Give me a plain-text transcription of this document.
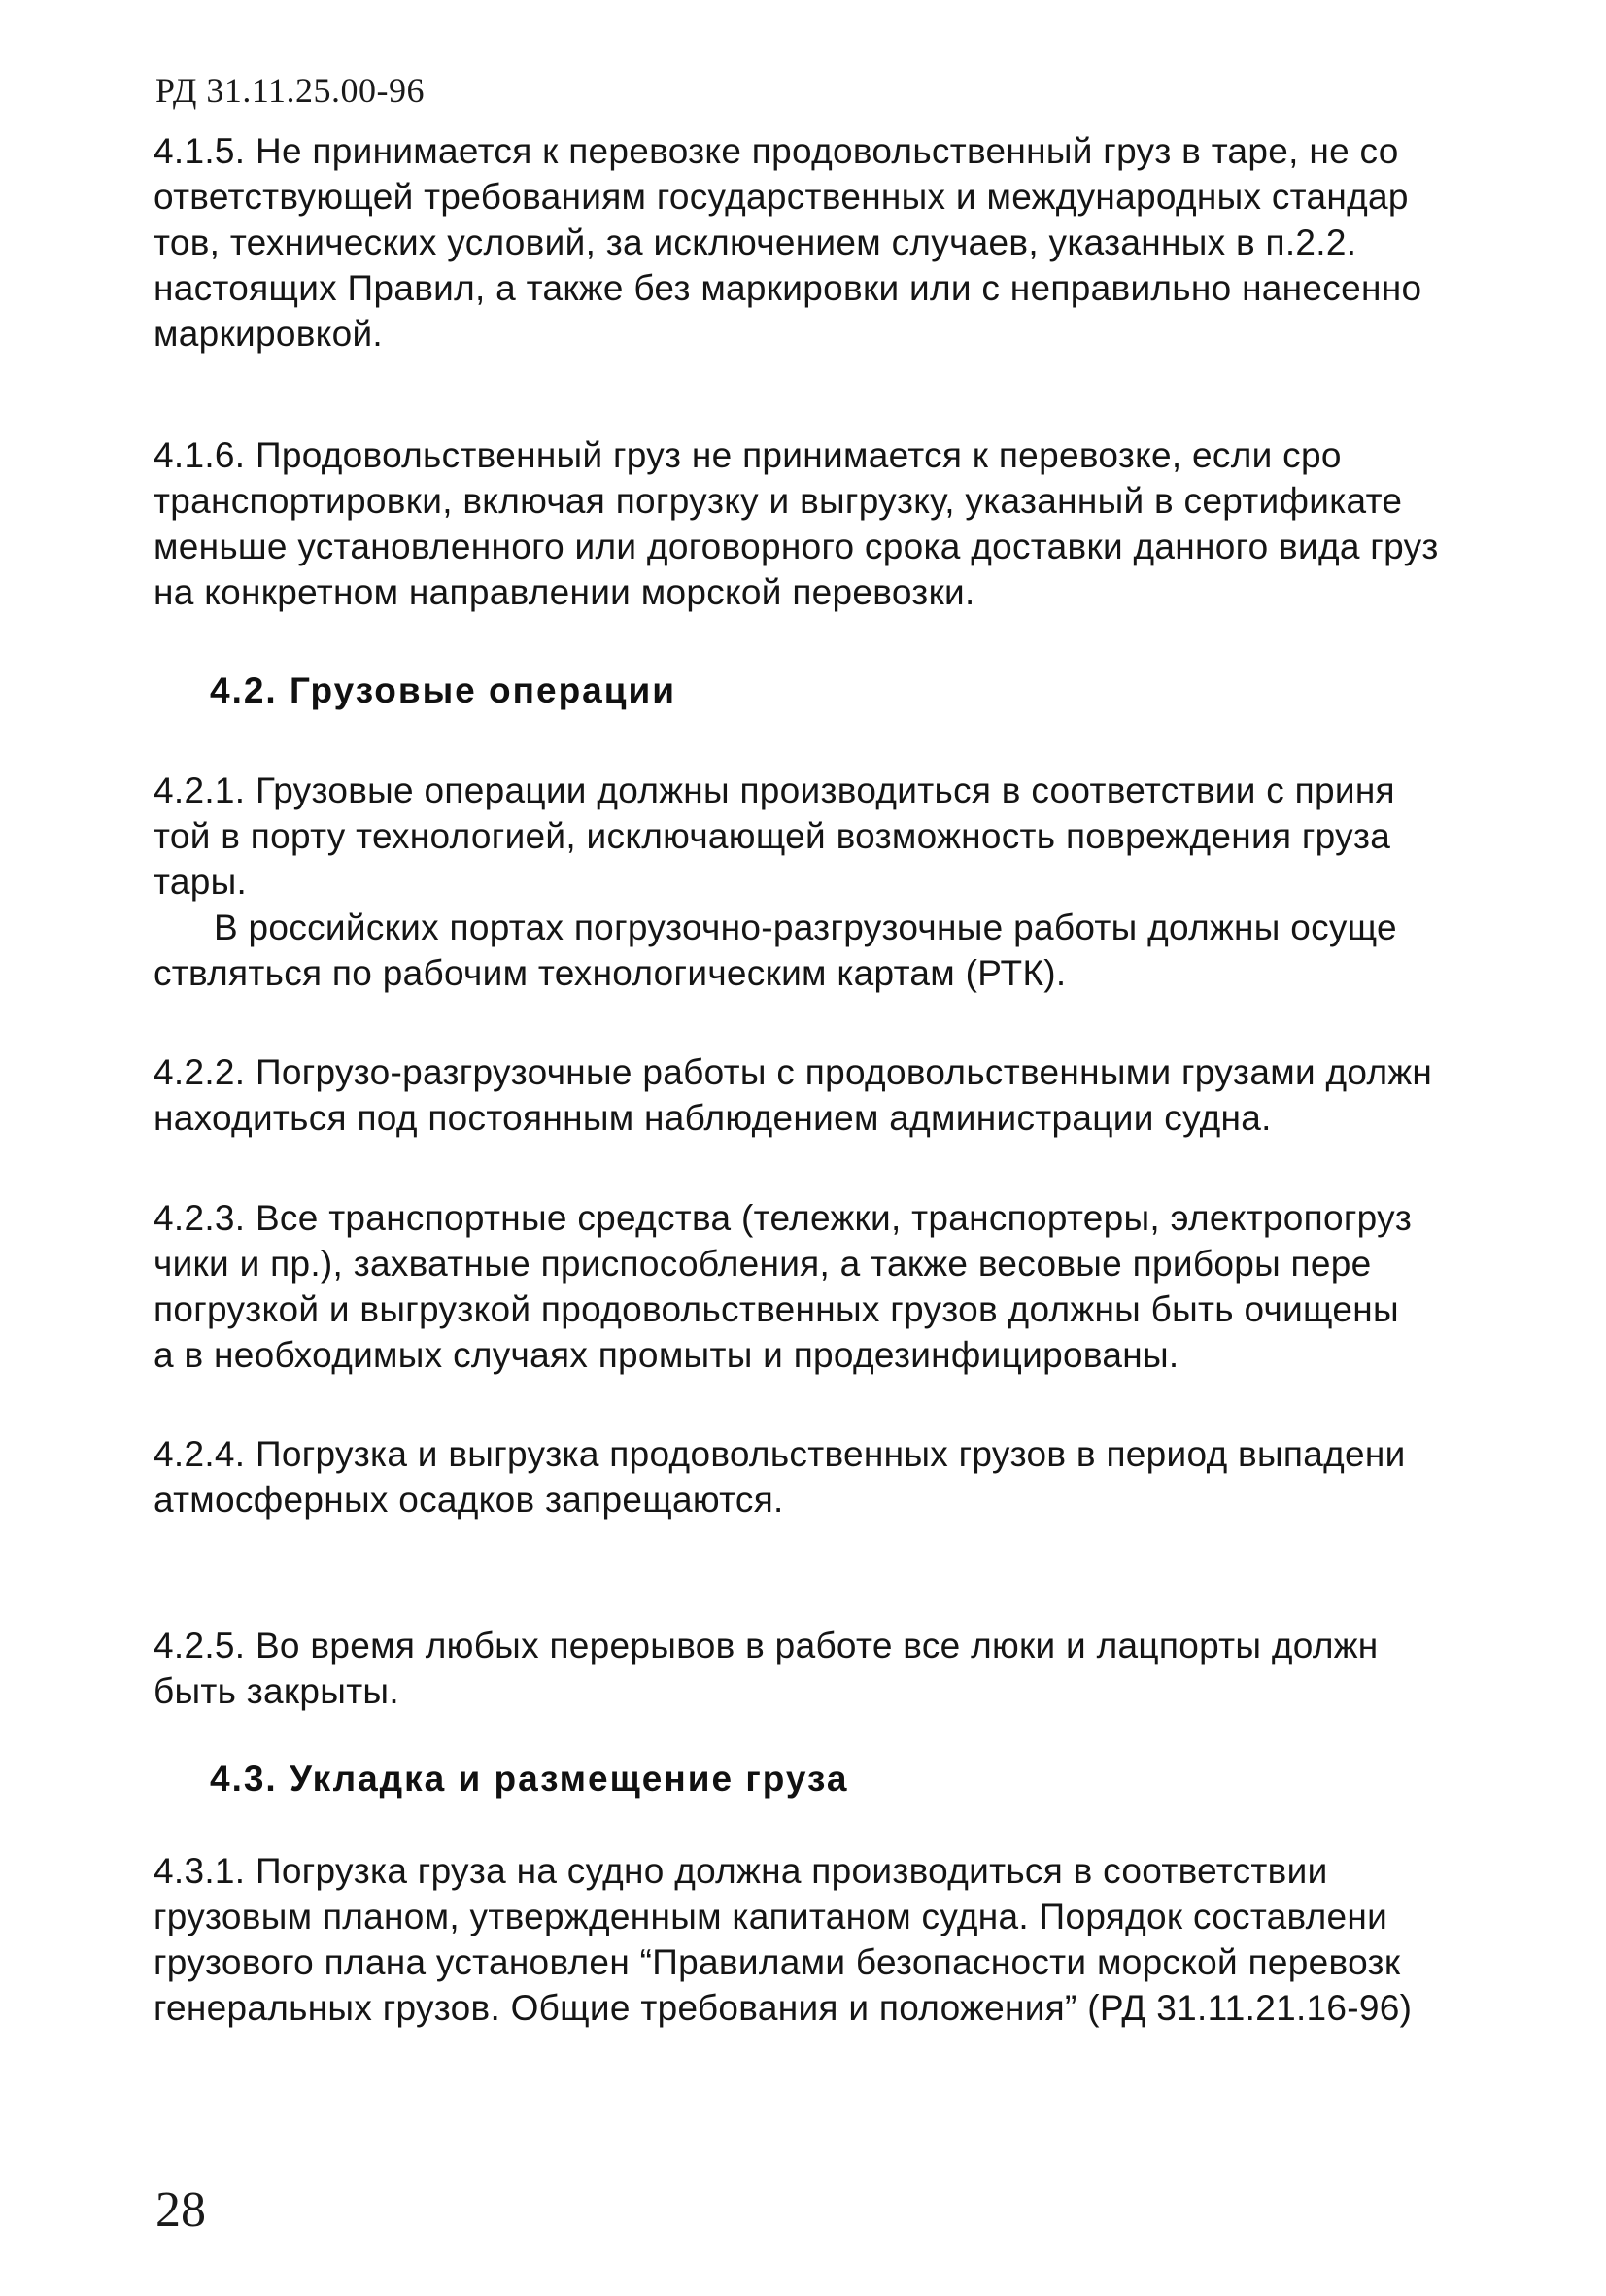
РД 31.11.25.00-96
4.1.5. Не принимается к перевозке продовольственный груз в таре, не со
ответствующей требованиям государственных и международных стандар
тов, технических условий, за исключением случаев, указанных в п.2.2.
настоящих Правил, а также без маркировки или с неправильно нанесенно
маркировкой.
4.1.6. Продовольственный груз не принимается к перевозке, если сро
транспортировки, включая погрузку и выгрузку, указанный в сертификате
меньше установленного или договорного срока доставки данного вида груз
на конкретном направлении морской перевозки.
4.2. Грузовые операции
4.2.1. Грузовые операции должны производиться в соответствии с приня
той в порту технологией, исключающей возможность повреждения груза
тары.
В российских портах погрузочно-разгрузочные работы должны осуще
ствляться по рабочим технологическим картам (РТК).
4.2.2. Погрузо-разгрузочные работы с продовольственными грузами должн
находиться под постоянным наблюдением администрации судна.
4.2.3. Все транспортные средства (тележки, транспортеры, электропогруз
чики и пр.), захватные приспособления, а также весовые приборы пере
погрузкой и выгрузкой продовольственных грузов должны быть очищены
а в необходимых случаях промыты и продезинфицированы.
4.2.4. Погрузка и выгрузка продовольственных грузов в период выпадени
атмосферных осадков запрещаются.
4.2.5. Во время любых перерывов в работе все люки и лацпорты должн
быть закрыты.
4.3. Укладка и размещение груза
4.3.1. Погрузка груза на судно должна производиться в соответствии
грузовым планом, утвержденным капитаном судна. Порядок составлени
грузового плана установлен “Правилами безопасности морской перевозк
генеральных грузов. Общие требования и положения” (РД 31.11.21.16-96)
28
